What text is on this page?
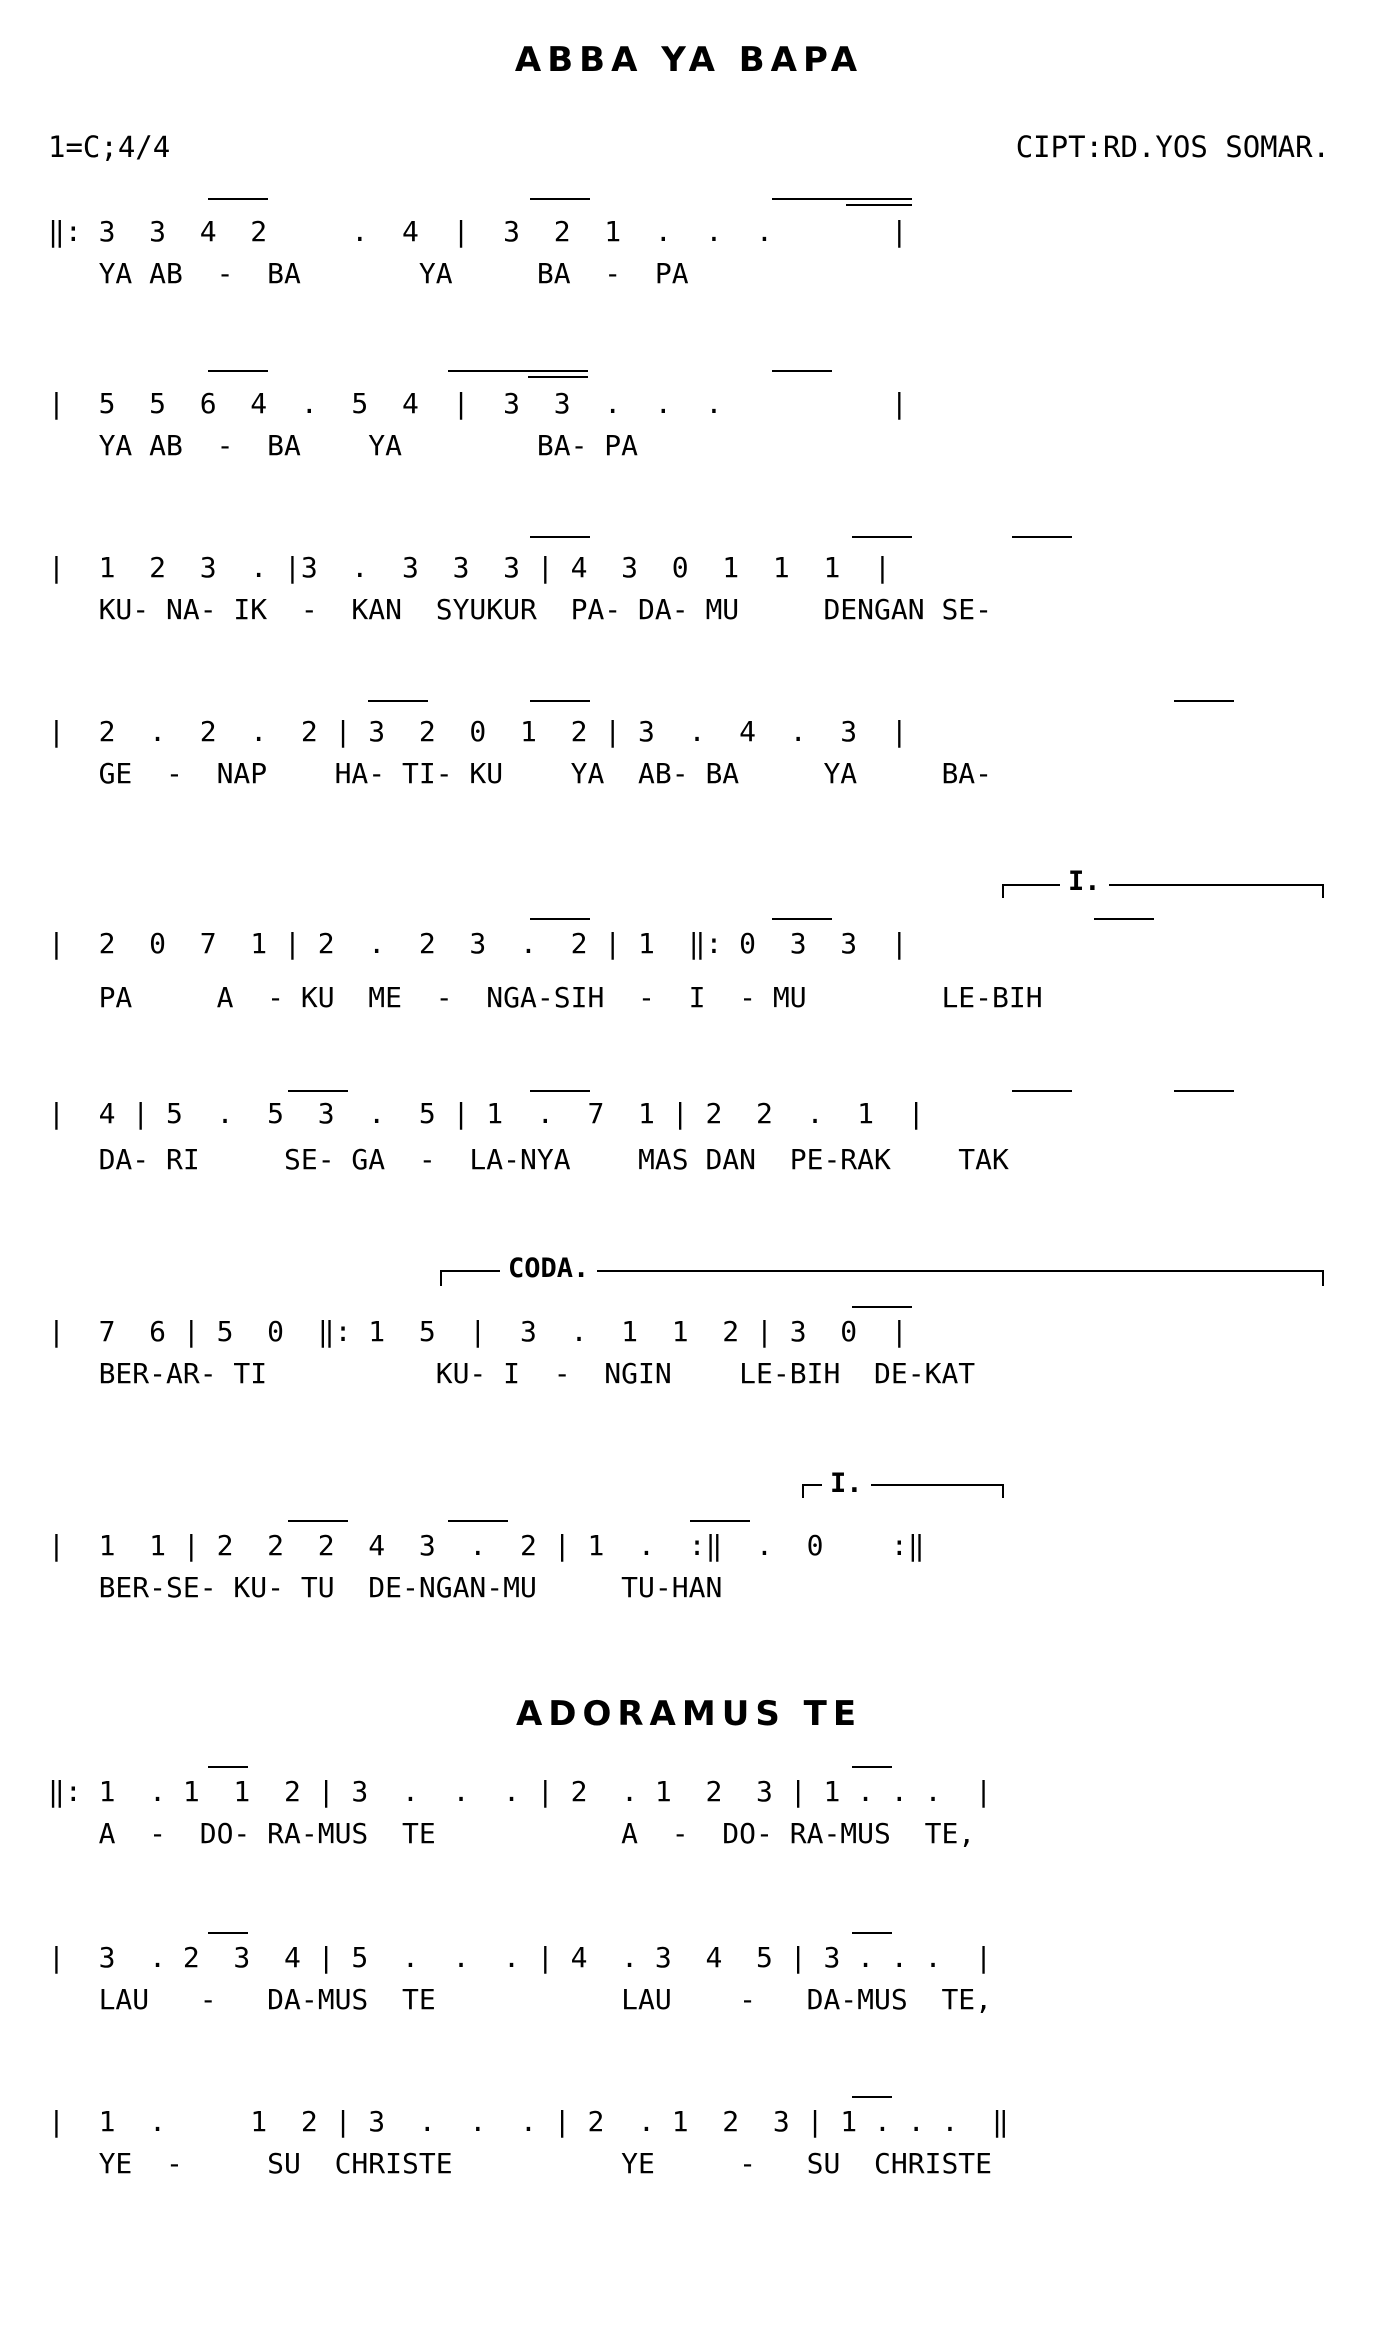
ABBA YA BAPA
1=C;4/4	CIPT:RD.YOS SOMAR.
‖: 3  3  4  2     .  4  |  3  2  1  .  .  .       |
YA AB  -  BA       YA     BA  -  PA
|  5  5  6  4  .  5  4  |  3  3  .  .  .          |
YA AB  -  BA    YA        BA- PA
|  1  2  3  . |3  .  3  3  3 | 4  3  0  1  1  1  |
KU- NA- IK  -  KAN  SYUKUR  PA- DA- MU     DENGAN SE-
|  2  .  2  .  2 | 3  2  0  1  2 | 3  .  4  .  3  |
GE  -  NAP    HA- TI- KU    YA  AB- BA     YA     BA-
I.
|  2  0  7  1 | 2  .  2  3  .  2 | 1  ‖: 0  3  3  |
PA     A  - KU  ME  -  NGA-SIH  -  I  - MU        LE-BIH
|  4 | 5  .  5  3  .  5 | 1  .  7  1 | 2  2  .  1  |
DA- RI     SE- GA  -  LA-NYA    MAS DAN  PE-RAK    TAK
CODA.
|  7  6 | 5  0  ‖: 1  5  |  3  .  1  1  2 | 3  0  |
BER-AR- TI          KU- I  -  NGIN    LE-BIH  DE-KAT
I.
|  1  1 | 2  2  2  4  3  .  2 | 1  .  :‖  .  0    :‖
BER-SE- KU- TU  DE-NGAN-MU     TU-HAN
ADORAMUS TE
‖: 1  . 1  1  2 | 3  .  .  . | 2  . 1  2  3 | 1 . . .  |
A  -  DO- RA-MUS  TE           A  -  DO- RA-MUS  TE,
|  3  . 2  3  4 | 5  .  .  . | 4  . 3  4  5 | 3 . . .  |
LAU   -   DA-MUS  TE           LAU    -   DA-MUS  TE,
|  1  .     1  2 | 3  .  .  . | 2  . 1  2  3 | 1 . . .  ‖
YE  -     SU  CHRISTE          YE     -   SU  CHRISTE
